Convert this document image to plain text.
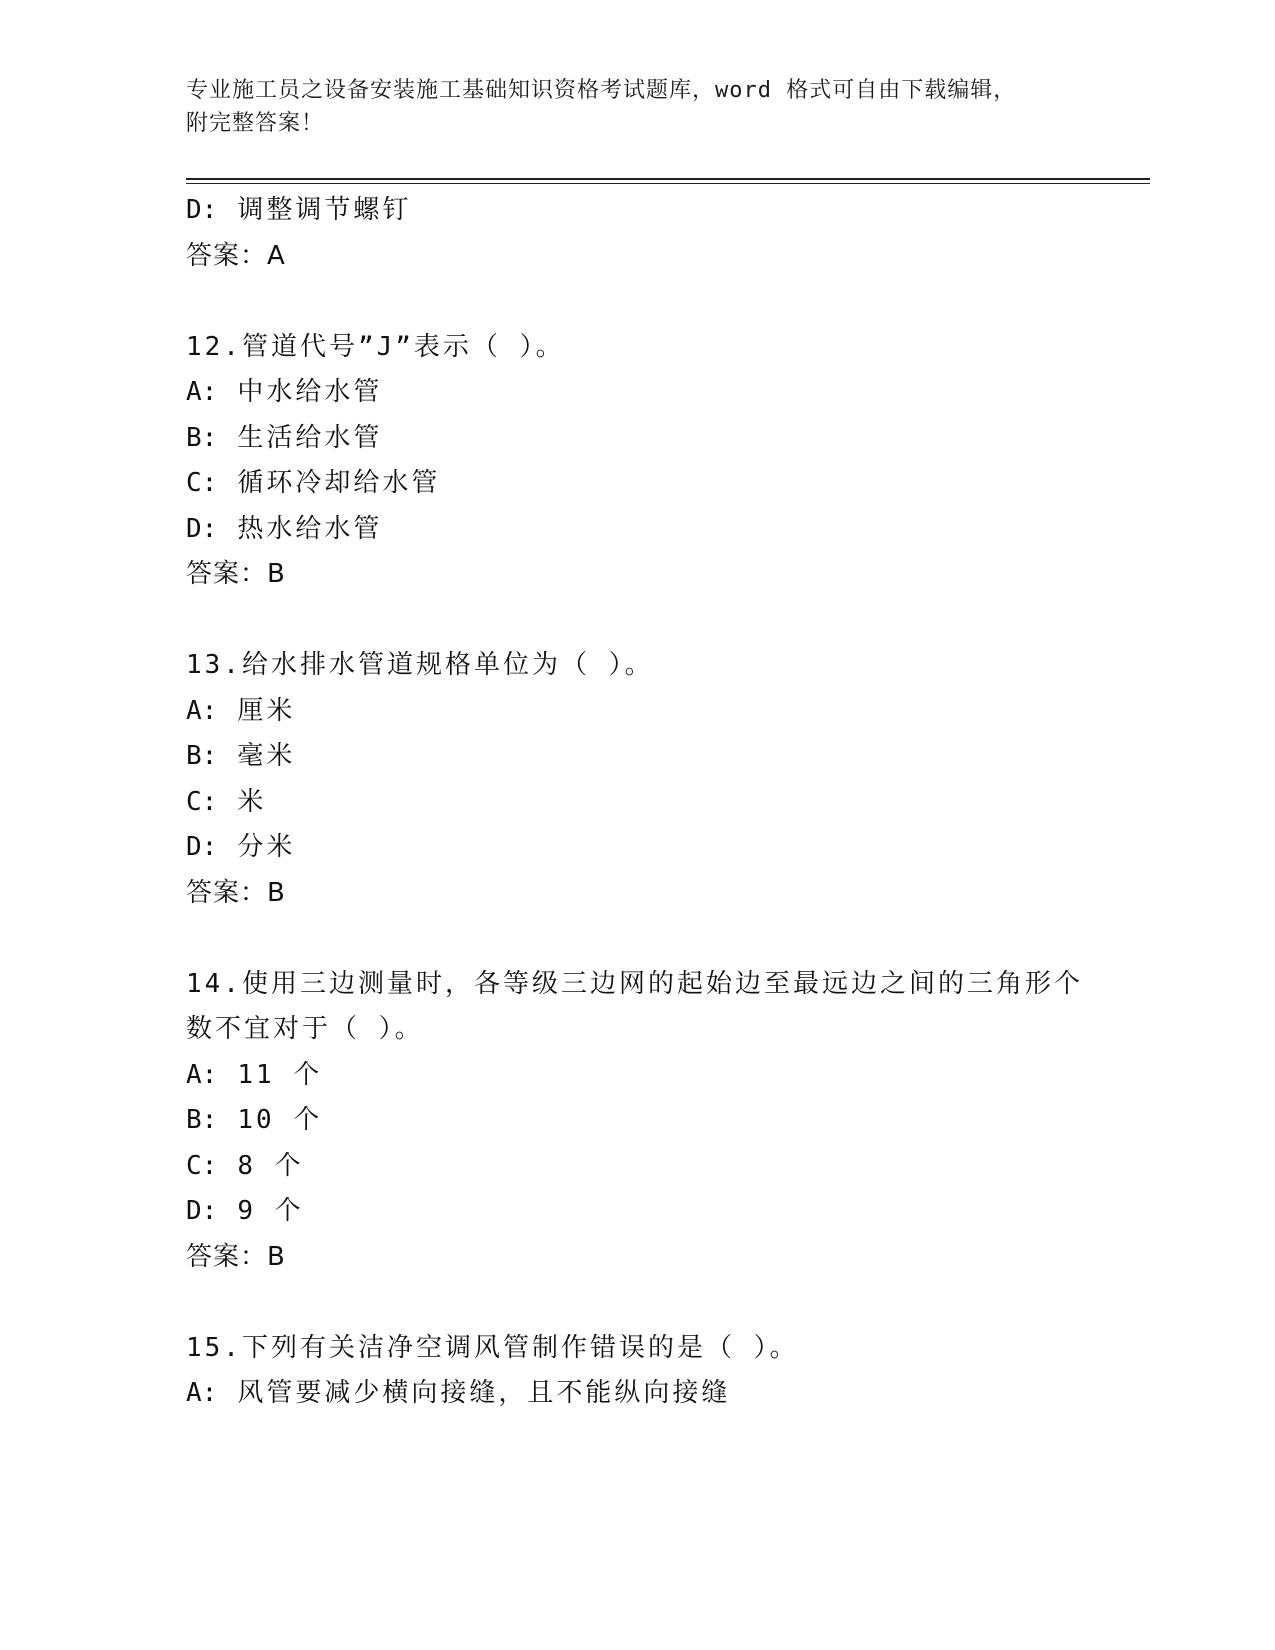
专业施工员之设备安装施工基础知识资格考试题库，word 格式可自由下载编辑，
附完整答案！
D: 调整调节螺钉
答案：A
12.管道代号”J”表示（ ）。
A: 中水给水管
B: 生活给水管
C: 循环冷却给水管
D: 热水给水管
答案：B
13.给水排水管道规格单位为（ ）。
A: 厘米
B: 毫米
C: 米
D: 分米
答案：B
14.使用三边测量时，各等级三边网的起始边至最远边之间的三角形个
数不宜对于（ ）。
A: 11 个
B: 10 个
C: 8 个
D: 9 个
答案：B
15.下列有关洁净空调风管制作错误的是（ ）。
A: 风管要减少横向接缝，且不能纵向接缝
